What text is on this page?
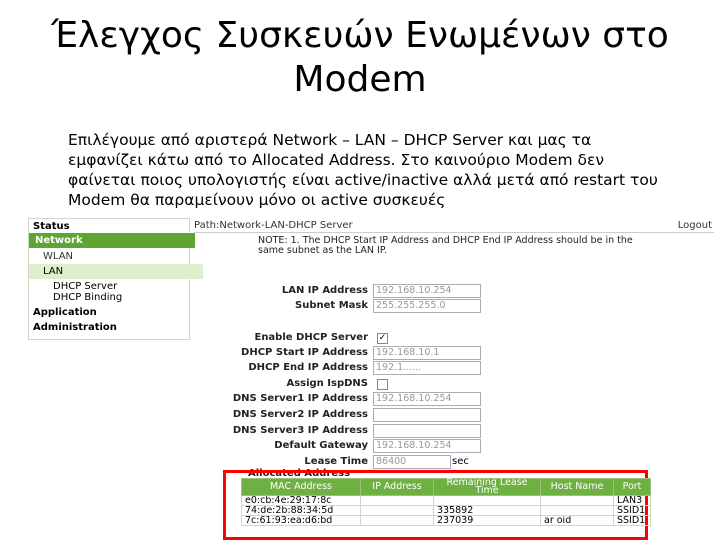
Έλεγχος Συσκευών Ενωμένων στο
Modem
Επιλέγουμε από αριστερά Network – LAN – DHCP Server και μας τα εμφανίζει κάτω από το Allocated Address. Στο καινούριο Modem δεν φαίνεται ποιος υπολογιστής είναι active/inactive αλλά μετά από restart του Modem θα παραμείνουν μόνο οι active συσκευές
Status
Network
WLAN
LAN
DHCP Server
DHCP Binding
Application
Administration
Path:Network-LAN-DHCP Server	Logout
NOTE: 1. The DHCP Start IP Address and DHCP End IP Address should be in the same subnet as the LAN IP.
LAN IP Address 192.168.10.254
Subnet Mask 255.255.255.0
Enable DHCP Server ✓
DHCP Start IP Address 192.168.10.1
DHCP End IP Address 192.1......
Assign IspDNS
DNS Server1 IP Address 192.168.10.254
DNS Server2 IP Address
DNS Server3 IP Address
Default Gateway 192.168.10.254
Lease Time 86400	sec
Allocated Address
MAC Address	IP Address	Remaining Lease Time	Host Name	Port
e0:cb:4e:29:17:8c				LAN3
74:de:2b:88:34:5d		335892		SSID1
7c:61:93:ea:d6:bd		237039	ar oid	SSID1
